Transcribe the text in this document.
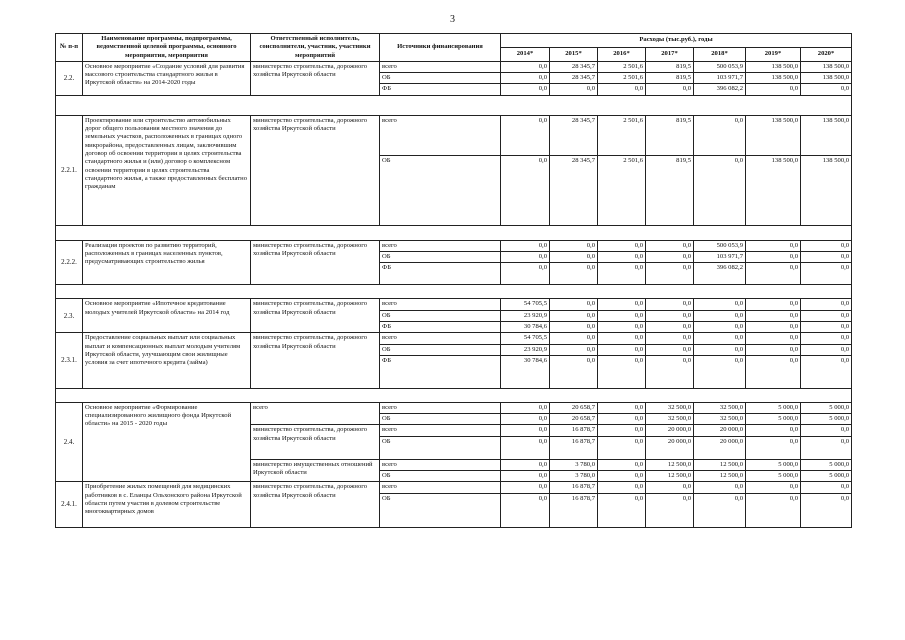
3
№ п-п	Наименование программы, подпрограммы, ведомственной целевой программы, основного мероприятия, мероприятия	Ответственный исполнитель, соисполнители, участник, участники мероприятий	Источники финансирования	Расходы (тыс.руб.), годы						
				2014*	2015*	2016*	2017*	2018*	2019*	2020*
2.2.	Основное мероприятие «Создание условий для развития массового строительства стандартного жилья в Иркутской области» на 2014-2020 годы	министерство строительства, дорожного хозяйства Иркутской области	всего	0,0	28 345,7	2 501,6	819,5	500 053,9	138 500,0	138 500,0
			ОБ	0,0	28 345,7	2 501,6	819,5	103 971,7	138 500,0	138 500,0
			ФБ	0,0	0,0	0,0	0,0	396 082,2	0,0	0,0

2.2.1.	Проектирование или строительство автомобильных дорог общего пользования местного значения до земельных участков, расположенных в границах одного микрорайона, предоставленных лицам, заключившим договор об освоении территории в целях строительства стандартного жилья и (или) договор о комплексном освоении территории в целях строительства стандартного жилья, а также предоставленных бесплатно гражданам	министерство строительства, дорожного хозяйства Иркутской области	всего	0,0	28 345,7	2 501,6	819,5	0,0	138 500,0	138 500,0
			ОБ	0,0	28 345,7	2 501,6	819,5	0,0	138 500,0	138 500,0

2.2.2.	Реализация проектов по развитию территорий, расположенных в границах населенных пунктов, предусматривающих строительство жилья	министерство строительства, дорожного хозяйства Иркутской области	всего	0,0	0,0	0,0	0,0	500 053,9	0,0	0,0
			ОБ	0,0	0,0	0,0	0,0	103 971,7	0,0	0,0
			ФБ	0,0	0,0	0,0	0,0	396 082,2	0,0	0,0

2.3.	Основное мероприятие «Ипотечное кредитование молодых учителей Иркутской области» на 2014 год	министерство строительства, дорожного хозяйства Иркутской области	всего	54 705,5	0,0	0,0	0,0	0,0	0,0	0,0
			ОБ	23 920,9	0,0	0,0	0,0	0,0	0,0	0,0
			ФБ	30 784,6	0,0	0,0	0,0	0,0	0,0	0,0
2.3.1.	Предоставление социальных выплат или социальных выплат и компенсационных выплат молодым учителям Иркутской области, улучшающим свои жилищные условия за счет ипотечного кредита (займа)	министерство строительства, дорожного хозяйства Иркутской области	всего	54 705,5	0,0	0,0	0,0	0,0	0,0	0,0
			ОБ	23 920,9	0,0	0,0	0,0	0,0	0,0	0,0
			ФБ	30 784,6	0,0	0,0	0,0	0,0	0,0	0,0

2.4.	Основное мероприятие «Формирование специализированного жилищного фонда Иркутской области» на 2015 - 2020 годы	всего	всего	0,0	20 658,7	0,0	32 500,0	32 500,0	5 000,0	5 000,0
			ОБ	0,0	20 658,7	0,0	32 500,0	32 500,0	5 000,0	5 000,0
		министерство строительства, дорожного хозяйства Иркутской области	всего	0,0	16 878,7	0,0	20 000,0	20 000,0	0,0	0,0
			ОБ	0,0	16 878,7	0,0	20 000,0	20 000,0	0,0	0,0
		министерство имущественных отношений Иркутской области	всего	0,0	3 780,0	0,0	12 500,0	12 500,0	5 000,0	5 000,0
			ОБ	0,0	3 780,0	0,0	12 500,0	12 500,0	5 000,0	5 000,0
2.4.1.	Приобретение жилых помещений для медицинских работников в с. Еланцы Ольхонского района Иркутской области путем участия в долевом строительстве многоквартирных домов	министерство строительства, дорожного хозяйства Иркутской области	всего	0,0	16 878,7	0,0	0,0	0,0	0,0	0,0
			ОБ	0,0	16 878,7	0,0	0,0	0,0	0,0	0,0
